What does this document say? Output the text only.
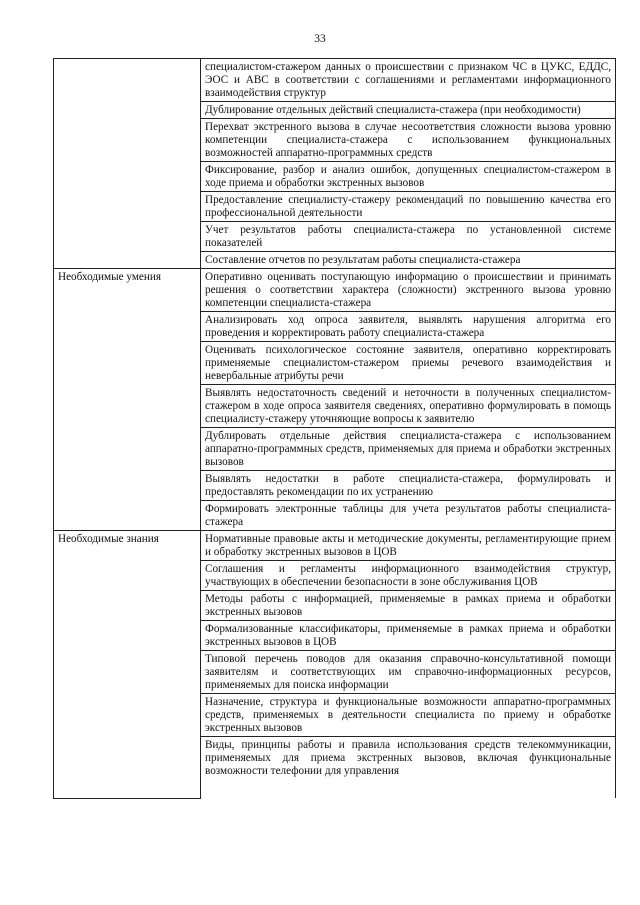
33
	специалистом-стажером данных о происшествии с признаком ЧС в ЦУКС, ЕДДС, ЭОС и АВС в соответствии с соглашениями и регламентами информационного взаимодействия структур
	Дублирование отдельных действий специалиста-стажера (при необходимости)
	Перехват экстренного вызова в случае несоответствия сложности вызова уровню компетенции специалиста-стажера с использованием функциональных возможностей аппаратно-программных средств
	Фиксирование, разбор и анализ ошибок, допущенных специалистом-стажером в ходе приема и обработки экстренных вызовов
	Предоставление специалисту-стажеру рекомендаций по повышению качества его профессиональной деятельности
	Учет результатов работы специалиста-стажера по установленной системе показателей
	Составление отчетов по результатам работы специалиста-стажера
Необходимые умения	Оперативно оценивать поступающую информацию о происшествии и принимать решения о соответствии характера (сложности) экстренного вызова уровню компетенции специалиста-стажера
	Анализировать ход опроса заявителя, выявлять нарушения алгоритма его проведения и корректировать работу специалиста-стажера
	Оценивать психологическое состояние заявителя, оперативно корректировать применяемые специалистом-стажером приемы речевого взаимодействия и невербальные атрибуты речи
	Выявлять недостаточность сведений и неточности в полученных специалистом-стажером в ходе опроса заявителя сведениях, оперативно формулировать в помощь специалисту-стажеру уточняющие вопросы к заявителю
	Дублировать отдельные действия специалиста-стажера с использованием аппаратно-программных средств, применяемых для приема и обработки экстренных вызовов
	Выявлять недостатки в работе специалиста-стажера, формулировать и предоставлять рекомендации по их устранению
	Формировать электронные таблицы для учета результатов работы специалиста-стажера
Необходимые знания	Нормативные правовые акты и методические документы, регламентирующие прием и обработку экстренных вызовов в ЦОВ
	Соглашения и регламенты информационного взаимодействия структур, участвующих в обеспечении безопасности в зоне обслуживания ЦОВ
	Методы работы с информацией, применяемые в рамках приема и обработки экстренных вызовов
	Формализованные классификаторы, применяемые в рамках приема и обработки экстренных вызовов в ЦОВ
	Типовой перечень поводов для оказания справочно-консультативной помощи заявителям и соответствующих им справочно-информационных ресурсов, применяемых для поиска информации
	Назначение, структура и функциональные возможности аппаратно-программных средств, применяемых в деятельности специалиста по приему и обработке экстренных вызовов

	Виды, принципы работы и правила использования средств телекоммуникации, применяемых для приема экстренных вызовов, включая функциональные возможности телефонии для управления
